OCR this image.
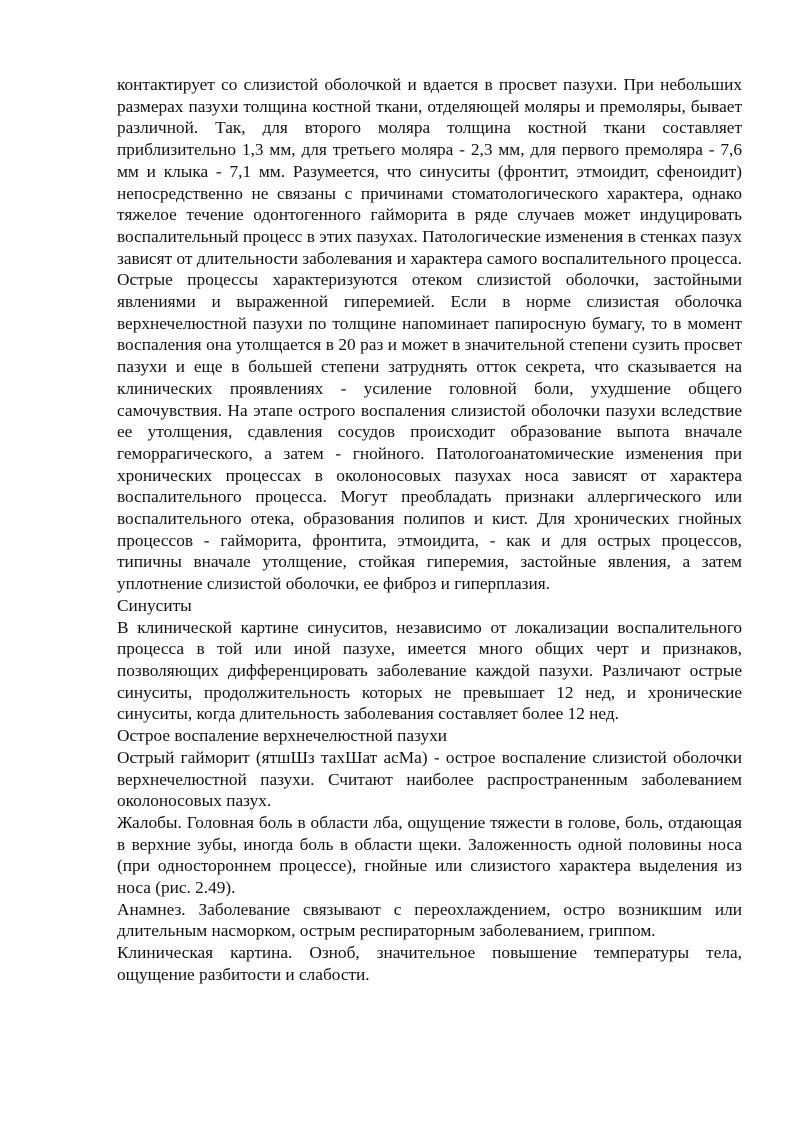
контактирует со слизистой оболочкой и вдается в просвет пазухи. При небольших размерах пазухи толщина костной ткани, отделяющей моляры и премоляры, бывает различной. Так, для второго моляра толщина костной ткани составляет приблизительно 1,3 мм, для третьего моляра - 2,3 мм, для первого премоляра - 7,6 мм и клыка - 7,1 мм. Разумеется, что синуситы (фронтит, этмоидит, сфеноидит) непосредственно не связаны с причинами стоматологического характера, однако тяжелое течение одонтогенного гайморита в ряде случаев может индуцировать воспалительный процесс в этих пазухах. Патологические изменения в стенках пазух зависят от длительности заболевания и характера самого воспалительного процесса. Острые процессы характеризуются отеком слизистой оболочки, застойными явлениями и выраженной гиперемией. Если в норме слизистая оболочка верхнечелюстной пазухи по толщине напоминает папиросную бумагу, то в момент воспаления она утолщается в 20 раз и может в значительной степени сузить просвет пазухи и еще в большей степени затруднять отток секрета, что сказывается на клинических проявлениях - усиление головной боли, ухудшение общего самочувствия. На этапе острого воспаления слизистой оболочки пазухи вследствие ее утолщения, сдавления сосудов происходит образование выпота вначале геморрагического, а затем - гнойного. Патологоанатомические изменения при хронических процессах в околоносовых пазухах носа зависят от характера воспалительного процесса. Могут преобладать признаки аллергического или воспалительного отека, образования полипов и кист. Для хронических гнойных процессов - гайморита, фронтита, этмоидита, - как и для острых процессов, типичны вначале утолщение, стойкая гиперемия, застойные явления, а затем уплотнение слизистой оболочки, ее фиброз и гиперплазия.

Синуситы

В клинической картине синуситов, независимо от локализации воспалительного процесса в той или иной пазухе, имеется много общих черт и признаков, позволяющих дифференцировать заболевание каждой пазухи. Различают острые синуситы, продолжительность которых не превышает 12 нед, и хронические синуситы, когда длительность заболевания составляет более 12 нед.

Острое воспаление верхнечелюстной пазухи

Острый гайморит (ятшШз тахШат асМа) - острое воспаление слизистой оболочки верхнечелюстной пазухи. Считают наиболее распространенным заболеванием околоносовых пазух.

Жалобы. Головная боль в области лба, ощущение тяжести в голове, боль, отдающая в верхние зубы, иногда боль в области щеки. Заложенность одной половины носа (при одностороннем процессе), гнойные или слизистого характера выделения из носа (рис. 2.49).

Анамнез. Заболевание связывают с переохлаждением, остро возникшим или длительным насморком, острым респираторным заболеванием, гриппом.

Клиническая картина. Озноб, значительное повышение температуры тела, ощущение разбитости и слабости.
